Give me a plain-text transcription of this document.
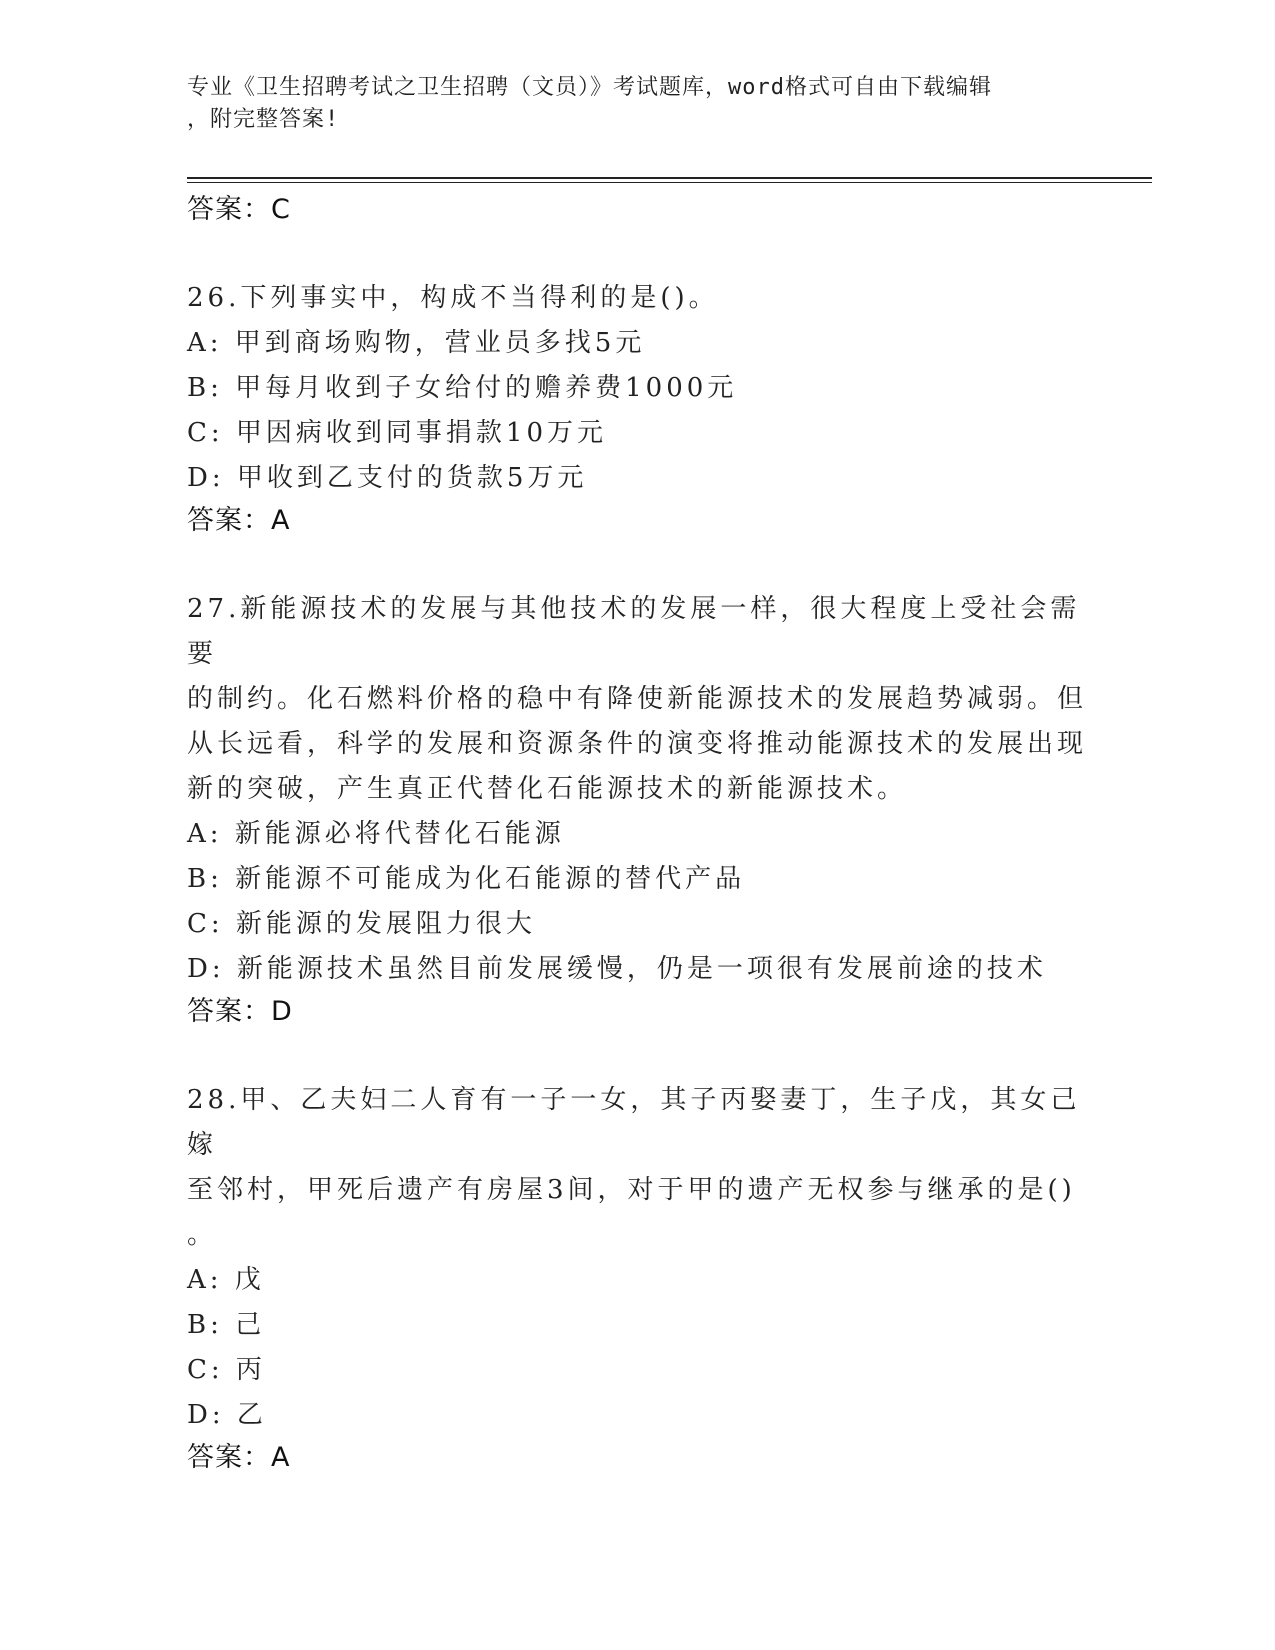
专业《卫生招聘考试之卫生招聘（文员）》考试题库，word格式可自由下载编辑
，附完整答案!

答案：C

26.下列事实中，构成不当得利的是()。

A: 甲到商场购物，营业员多找5元

B: 甲每月收到子女给付的赡养费1000元

C: 甲因病收到同事捐款10万元

D: 甲收到乙支付的货款5万元

答案：A

27.新能源技术的发展与其他技术的发展一样，很大程度上受社会需要

的制约。化石燃料价格的稳中有降使新能源技术的发展趋势减弱。但

从长远看，科学的发展和资源条件的演变将推动能源技术的发展出现

新的突破，产生真正代替化石能源技术的新能源技术。

A: 新能源必将代替化石能源

B: 新能源不可能成为化石能源的替代产品

C: 新能源的发展阻力很大

D: 新能源技术虽然目前发展缓慢，仍是一项很有发展前途的技术

答案：D

28.甲、乙夫妇二人育有一子一女，其子丙娶妻丁，生子戊，其女己嫁

至邻村，甲死后遗产有房屋3间，对于甲的遗产无权参与继承的是()

。

A: 戊

B: 己

C: 丙

D: 乙

答案：A
